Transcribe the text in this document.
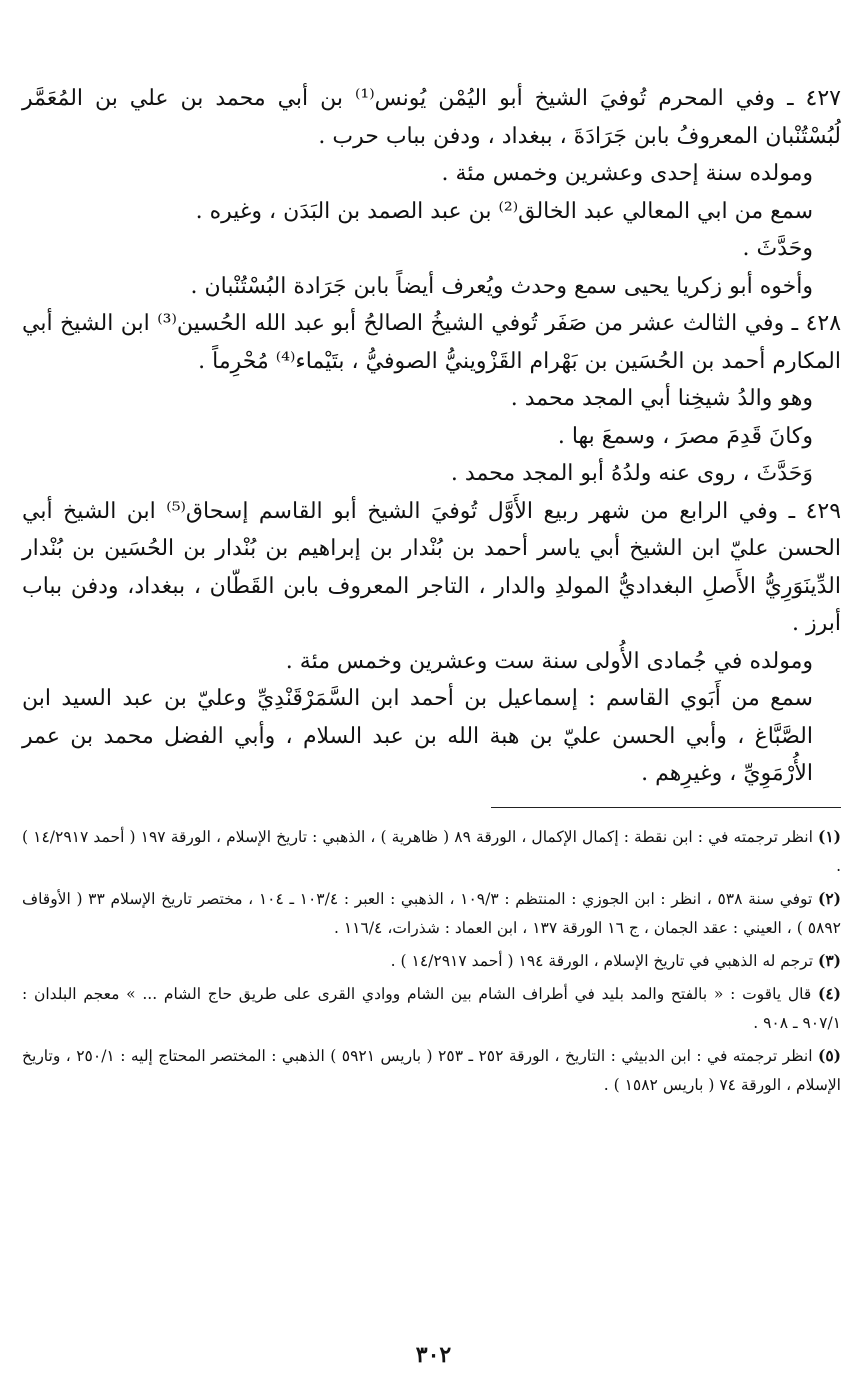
٤٢٧ ـ وفي المحرم تُوفيَ الشيخ أبو اليُمْن يُونس⁽¹⁾ بن أبي محمد بن علي بن المُعَمَّر لُبُسْتُنْبان المعروفُ بابن جَرَادَةَ ، ببغداد ، ودفن بباب حرب .

ومولده سنة إحدى وعشرين وخمس مئة .

سمع من ابي المعالي عبد الخالق⁽²⁾ بن عبد الصمد بن البَدَن ، وغيره .

وحَدَّثَ .

وأخوه أبو زكريا يحيى سمع وحدث ويُعرف أيضاً بابن جَرَادة البُسْتُنْبان .

٤٢٨ ـ وفي الثالث عشر من صَفَر تُوفي الشيخُ الصالحُ أبو عبد الله الحُسين⁽³⁾ ابن الشيخ أبي المكارم أحمد بن الحُسَين بن بَهْرام القَزْوينيُّ الصوفيُّ ، بتَيْماء⁽⁴⁾ مُحْرِماً .

وهو والدُ شيخِنا أبي المجد محمد .

وكانَ قَدِمَ مصرَ ، وسمعَ بها .

وَحَدَّثَ ، روى عنه ولدُهُ أبو المجد محمد .

٤٢٩ ـ وفي الرابع من شهر ربيع الأَوَّل تُوفيَ الشيخ أبو القاسم إسحاق⁽⁵⁾ ابن الشيخ أبي الحسن عليّ ابن الشيخ أبي ياسر أحمد بن بُنْدار بن إبراهيم بن بُنْدار بن الحُسَين بن بُنْدار الدِّينَوَرِيُّ الأَصلِ البغداديُّ المولدِ والدار ، التاجر المعروف بابن القَطّان ، ببغداد، ودفن بباب أبرز .

ومولده في جُمادى الأُولى سنة ست وعشرين وخمس مئة .

سمع من أَبَوي القاسم : إسماعيل بن أحمد ابن السَّمَرْقَنْدِيِّ وعليّ بن عبد السيد ابن الصَّبَّاغ ، وأبي الحسن عليّ بن هبة الله بن عبد السلام ، وأبي الفضل محمد بن عمر الأُرْمَوِيِّ ، وغيرِهم .

(١) انظر ترجمته في : ابن نقطة : إكمال الإكمال ، الورقة ٨٩ ( ظاهرية ) ، الذهبي : تاريخ الإسلام ، الورقة ١٩٧ ( أحمد ١٤/٢٩١٧ ) .

(٢) توفي سنة ٥٣٨ ، انظر : ابن الجوزي : المنتظم : ١٠٩/٣ ، الذهبي : العبر : ١٠٣/٤ ـ ١٠٤ ، مختصر تاريخ الإسلام ٣٣ ( الأوقاف ٥٨٩٢ ) ، العيني : عقد الجمان ، ج ١٦ الورقة ١٣٧ ، ابن العماد : شذرات، ١١٦/٤ .

(٣) ترجم له الذهبي في تاريخ الإسلام ، الورقة ١٩٤ ( أحمد ١٤/٢٩١٧ ) .

(٤) قال ياقوت : « بالفتح والمد بليد في أطراف الشام بين الشام ووادي القرى على طريق حاج الشام ... » معجم البلدان : ٩٠٧/١ ـ ٩٠٨ .

(٥) انظر ترجمته في : ابن الدبيثي : التاريخ ، الورقة ٢٥٢ ـ ٢٥٣ ( باريس ٥٩٢١ ) الذهبي : المختصر المحتاج إليه : ٢٥٠/١ ، وتاريخ الإسلام ، الورقة ٧٤ ( باريس ١٥٨٢ ) .

٣٠٢
